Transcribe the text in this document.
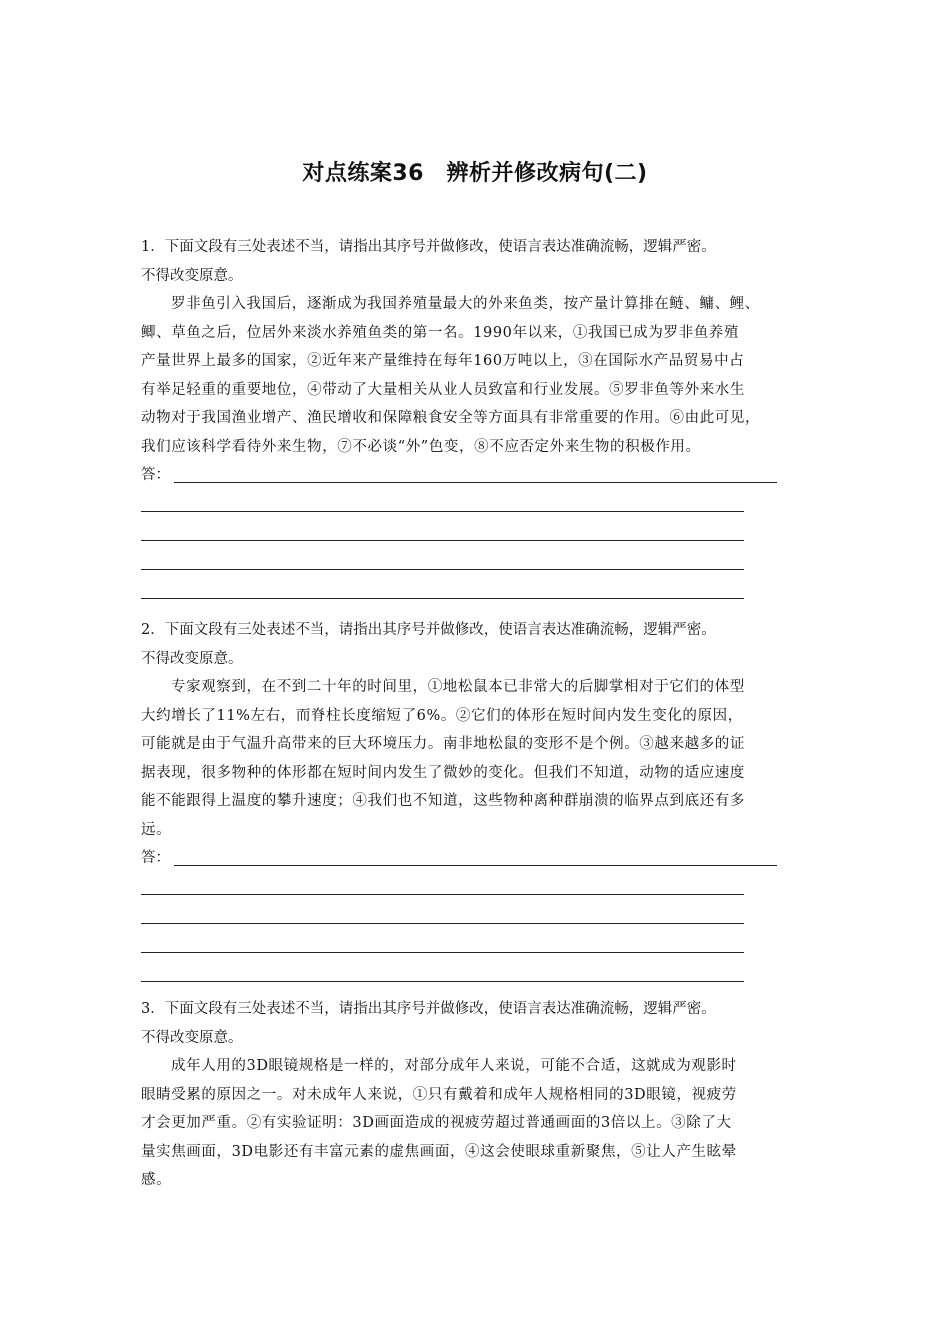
对点练案36　辨析并修改病句(二)
1．下面文段有三处表述不当，请指出其序号并做修改，使语言表达准确流畅，逻辑严密。
不得改变原意。
罗非鱼引入我国后，逐渐成为我国养殖量最大的外来鱼类，按产量计算排在鲢、鳙、鲤、
鲫、草鱼之后，位居外来淡水养殖鱼类的第一名。1990年以来，①我国已成为罗非鱼养殖
产量世界上最多的国家，②近年来产量维持在每年160万吨以上，③在国际水产品贸易中占
有举足轻重的重要地位，④带动了大量相关从业人员致富和行业发展。⑤罗非鱼等外来水生
动物对于我国渔业增产、渔民增收和保障粮食安全等方面具有非常重要的作用。⑥由此可见，
我们应该科学看待外来生物，⑦不必谈“外”色变，⑧不应否定外来生物的积极作用。
答：
2．下面文段有三处表述不当，请指出其序号并做修改，使语言表达准确流畅，逻辑严密。
不得改变原意。
专家观察到，在不到二十年的时间里，①地松鼠本已非常大的后脚掌相对于它们的体型
大约增长了11%左右，而脊柱长度缩短了6%。②它们的体形在短时间内发生变化的原因，
可能就是由于气温升高带来的巨大环境压力。南非地松鼠的变形不是个例。③越来越多的证
据表现，很多物种的体形都在短时间内发生了微妙的变化。但我们不知道，动物的适应速度
能不能跟得上温度的攀升速度；④我们也不知道，这些物种离种群崩溃的临界点到底还有多
远。
答：
3．下面文段有三处表述不当，请指出其序号并做修改，使语言表达准确流畅，逻辑严密。
不得改变原意。
成年人用的3D眼镜规格是一样的，对部分成年人来说，可能不合适，这就成为观影时
眼睛受累的原因之一。对未成年人来说，①只有戴着和成年人规格相同的3D眼镜，视疲劳
才会更加严重。②有实验证明：3D画面造成的视疲劳超过普通画面的3倍以上。③除了大
量实焦画面，3D电影还有丰富元素的虚焦画面，④这会使眼球重新聚焦，⑤让人产生眩晕
感。
